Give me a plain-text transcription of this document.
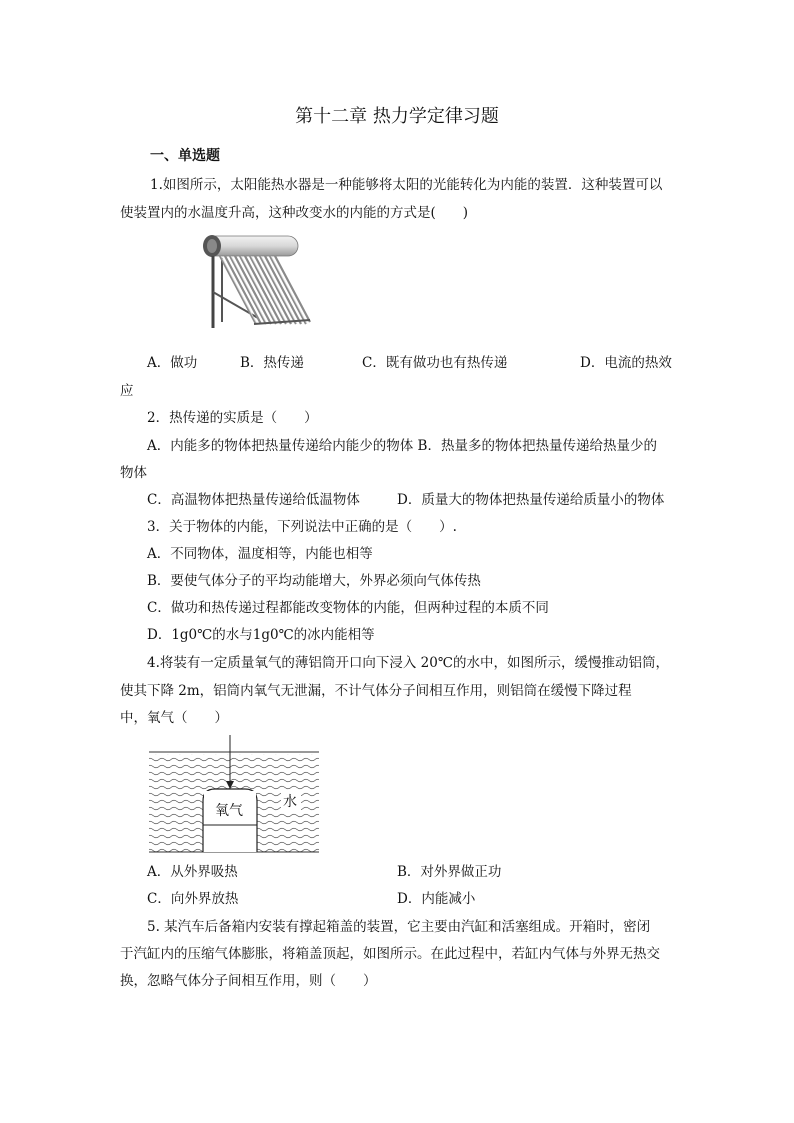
第十二章 热力学定律习题
一、单选题
1.如图所示，太阳能热水器是一种能够将太阳的光能转化为内能的装置．这种装置可以
使装置内的水温度升高，这种改变水的内能的方式是(　　)
A．做功	B．热传递	C．既有做功也有热传递	D．电流的热效
应
2．热传递的实质是（　　）
A．内能多的物体把热量传递给内能少的物体 B．热量多的物体把热量传递给热量少的
物体
C．高温物体把热量传递给低温物体	D．质量大的物体把热量传递给质量小的物体
3．关于物体的内能，下列说法中正确的是（　　）.
A．不同物体，温度相等，内能也相等
B．要使气体分子的平均动能增大，外界必须向气体传热
C．做功和热传递过程都能改变物体的内能，但两种过程的本质不同
D．1g0℃的水与1g0℃的冰内能相等
4.将装有一定质量氧气的薄铝筒开口向下浸入 20℃的水中，如图所示，缓慢推动铝筒，
使其下降 2m，铝筒内氧气无泄漏，不计气体分子间相互作用，则铝筒在缓慢下降过程
中，氧气（　　）
氧气
水
A．从外界吸热	B．对外界做正功
C．向外界放热	D．内能减小
5. 某汽车后备箱内安装有撑起箱盖的装置，它主要由汽缸和活塞组成。开箱时，密闭
于汽缸内的压缩气体膨胀，将箱盖顶起，如图所示。在此过程中，若缸内气体与外界无热交
换，忽略气体分子间相互作用，则（　　）
